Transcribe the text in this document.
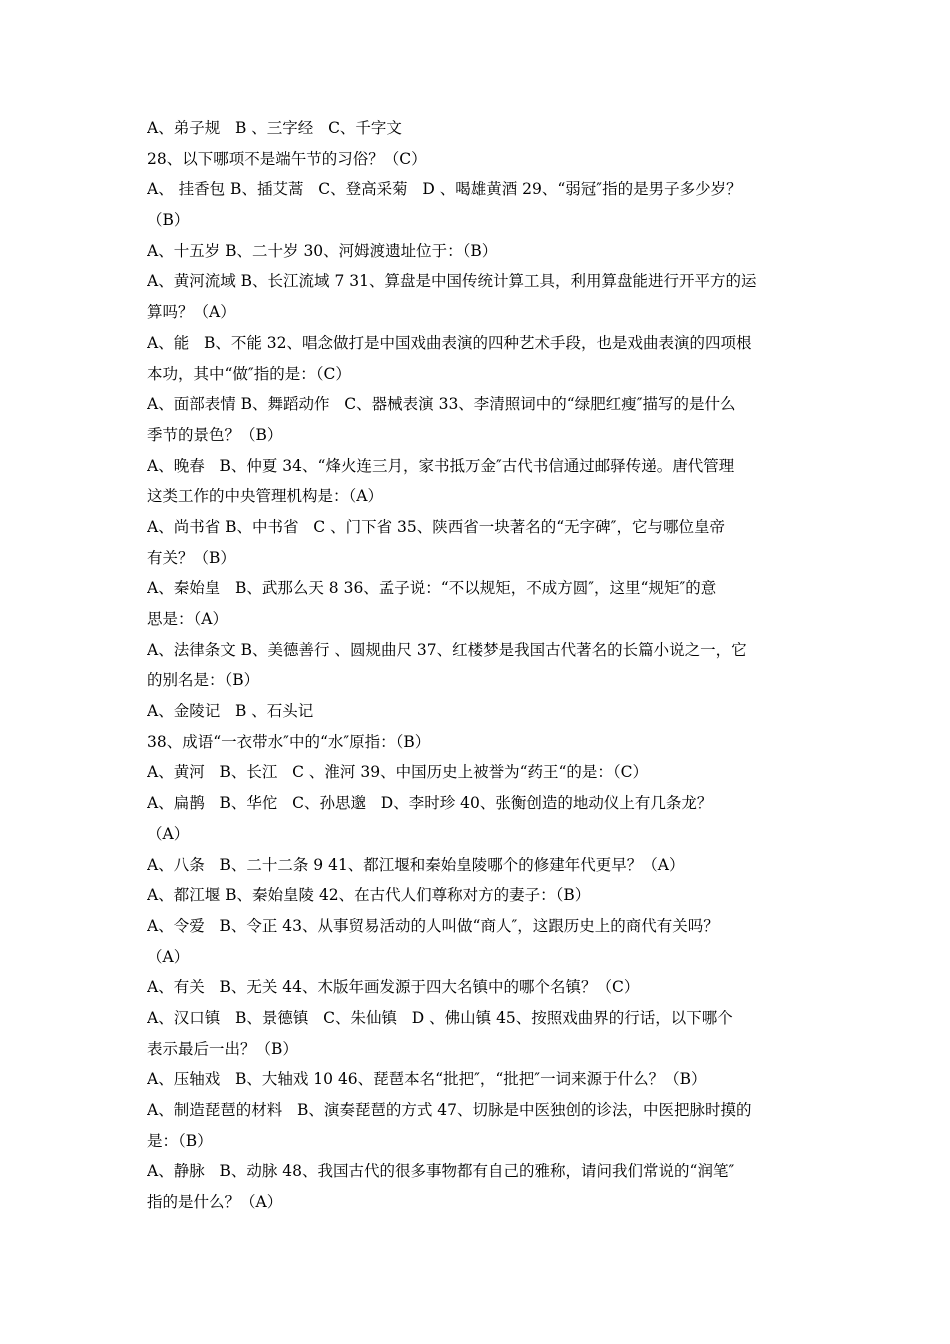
A、弟子规   B 、三字经   C、千字文
28、以下哪项不是端午节的习俗？（C）
A、 挂香包 B、插艾蒿   C、登高采菊   D 、喝雄黄酒 29、“弱冠″指的是男子多少岁？
（B）
A、十五岁 B、二十岁 30、河姆渡遗址位于：（B）
A、黄河流域 B、长江流域 7 31、算盘是中国传统计算工具，利用算盘能进行开平方的运
算吗？（A）
A、能   B、不能 32、唱念做打是中国戏曲表演的四种艺术手段，也是戏曲表演的四项根
本功，其中“做″指的是：（C）
A、面部表情 B、舞蹈动作   C、器械表演 33、李清照词中的“绿肥红瘦″描写的是什么
季节的景色？（B）
A、晚春   B、仲夏 34、“烽火连三月，家书抵万金″古代书信通过邮驿传递。唐代管理
这类工作的中央管理机构是：（A）
A、尚书省 B、中书省   C 、门下省 35、陕西省一块著名的“无字碑″，它与哪位皇帝
有关？（B）
A、秦始皇   B、武那么天 8 36、孟子说：“不以规矩，不成方圆″，这里“规矩″的意
思是：（A）
A、法律条文 B、美德善行 、圆规曲尺 37、红楼梦是我国古代著名的长篇小说之一，它
的别名是：（B）
A、金陵记   B 、石头记
38、成语“一衣带水″中的“水″原指：（B）
A、黄河   B、长江   C 、淮河 39、中国历史上被誉为“药王“的是：（C）
A、扁鹊   B、华佗   C、孙思邈   D、李时珍 40、张衡创造的地动仪上有几条龙？
（A）
A、八条   B、二十二条 9 41、都江堰和秦始皇陵哪个的修建年代更早？（A）
A、都江堰 B、秦始皇陵 42、在古代人们尊称对方的妻子：（B）
A、令爱   B、令正 43、从事贸易活动的人叫做“商人″，这跟历史上的商代有关吗？
（A）
A、有关   B、无关 44、木版年画发源于四大名镇中的哪个名镇？（C）
A、汉口镇   B、景德镇   C、朱仙镇   D 、佛山镇 45、按照戏曲界的行话，以下哪个
表示最后一出？（B）
A、压轴戏   B、大轴戏 10 46、琵琶本名“批把″，“批把″一词来源于什么？（B）
A、制造琵琶的材料   B、演奏琵琶的方式 47、切脉是中医独创的诊法，中医把脉时摸的
是：（B）
A、静脉   B、动脉 48、我国古代的很多事物都有自己的雅称，请问我们常说的“润笔″
指的是什么？（A）
